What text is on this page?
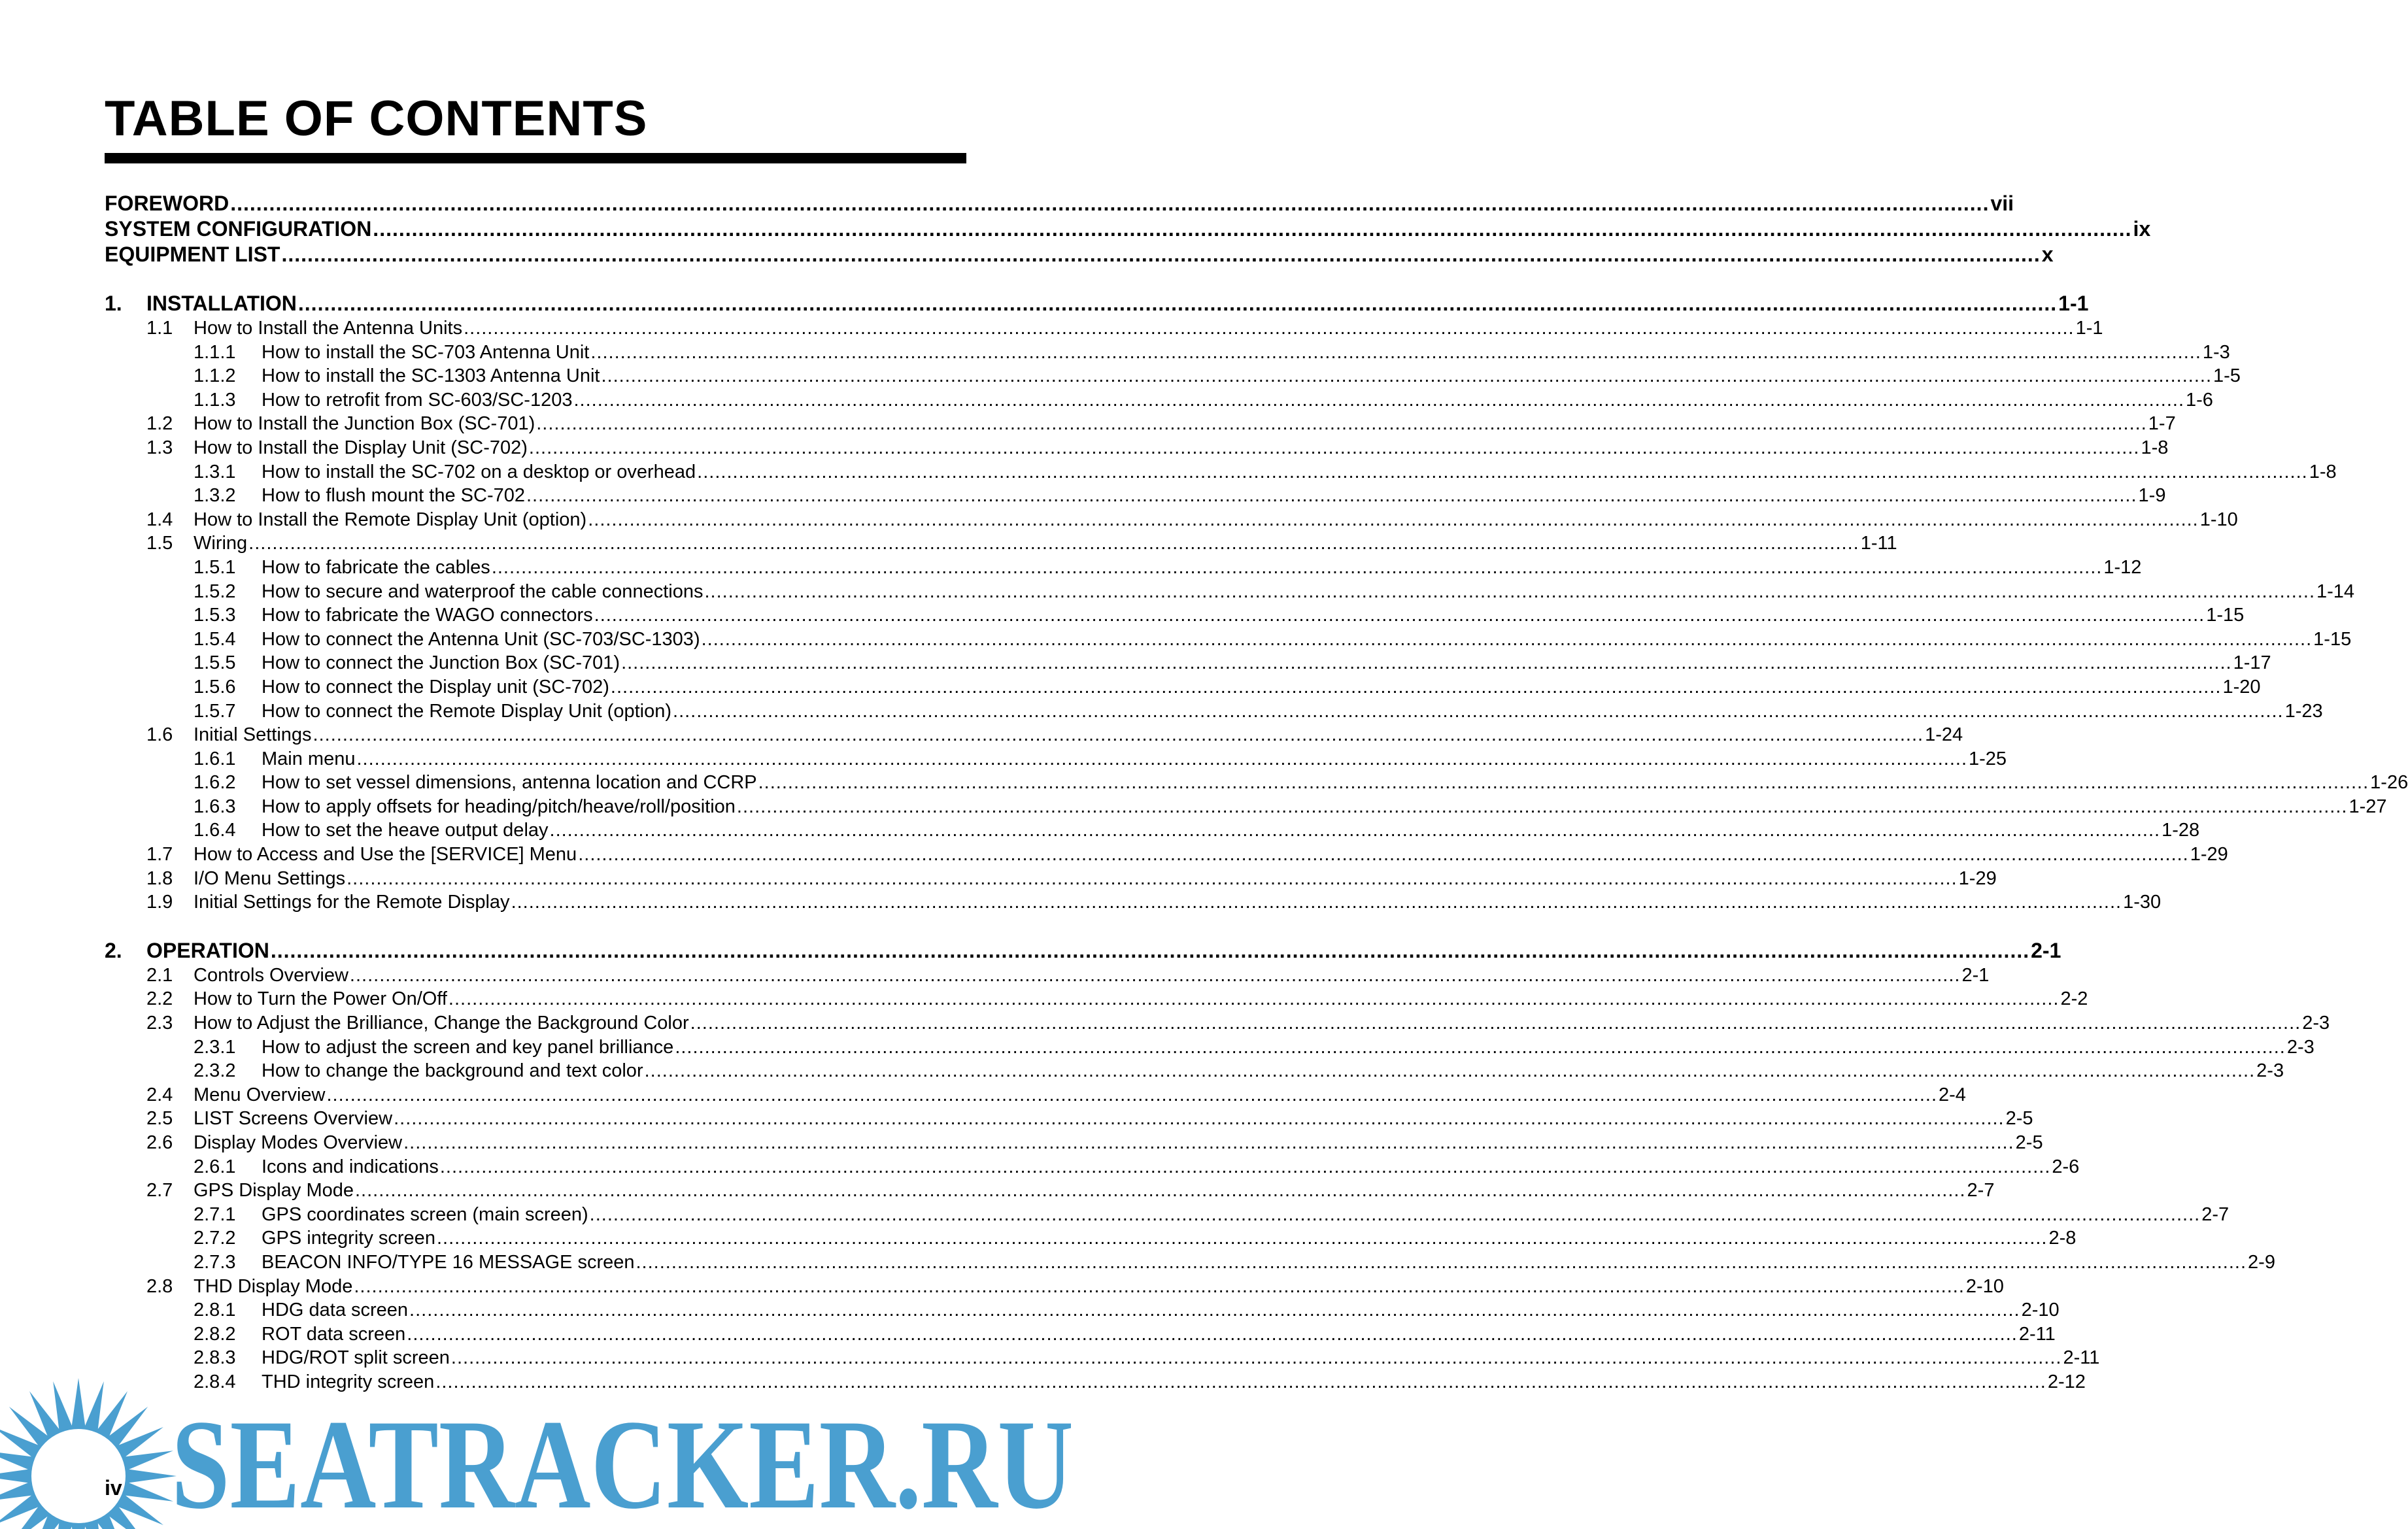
TABLE OF CONTENTS
FOREWORD .....	vii
SYSTEM CONFIGURATION .....	ix
EQUIPMENT LIST .....	x
1.	INSTALLATION .....	1-1
1.1	How to Install the Antenna Units .....	1-1
1.1.1	How to install the SC-703 Antenna Unit .....	1-3
1.1.2	How to install the SC-1303 Antenna Unit .....	1-5
1.1.3	How to retrofit from SC-603/SC-1203 .....	1-6
1.2	How to Install the Junction Box (SC-701) .....	1-7
1.3	How to Install the Display Unit (SC-702) .....	1-8
1.3.1	How to install the SC-702 on a desktop or overhead .....	1-8
1.3.2	How to flush mount the SC-702 .....	1-9
1.4	How to Install the Remote Display Unit (option) .....	1-10
1.5	Wiring .....	1-11
1.5.1	How to fabricate the cables .....	1-12
1.5.2	How to secure and waterproof the cable connections .....	1-14
1.5.3	How to fabricate the WAGO connectors .....	1-15
1.5.4	How to connect the Antenna Unit (SC-703/SC-1303) .....	1-15
1.5.5	How to connect the Junction Box (SC-701) .....	1-17
1.5.6	How to connect the Display unit (SC-702) .....	1-20
1.5.7	How to connect the Remote Display Unit (option) .....	1-23
1.6	Initial Settings .....	1-24
1.6.1	Main menu .....	1-25
1.6.2	How to set vessel dimensions, antenna location and CCRP .....	1-26
1.6.3	How to apply offsets for heading/pitch/heave/roll/position .....	1-27
1.6.4	How to set the heave output delay .....	1-28
1.7	How to Access and Use the [SERVICE] Menu .....	1-29
1.8	I/O Menu Settings .....	1-29
1.9	Initial Settings for the Remote Display .....	1-30
2.	OPERATION .....	2-1
2.1	Controls Overview .....	2-1
2.2	How to Turn the Power On/Off .....	2-2
2.3	How to Adjust the Brilliance, Change the Background Color .....	2-3
2.3.1	How to adjust the screen and key panel brilliance .....	2-3
2.3.2	How to change the background and text color .....	2-3
2.4	Menu Overview .....	2-4
2.5	LIST Screens Overview .....	2-5
2.6	Display Modes Overview .....	2-5
2.6.1	Icons and indications .....	2-6
2.7	GPS Display Mode .....	2-7
2.7.1	GPS coordinates screen (main screen) .....	2-7
2.7.2	GPS integrity screen .....	2-8
2.7.3	BEACON INFO/TYPE 16 MESSAGE screen .....	2-9
2.8	THD Display Mode .....	2-10
2.8.1	HDG data screen .....	2-10
2.8.2	ROT data screen .....	2-11
2.8.3	HDG/ROT split screen .....	2-11
2.8.4	THD integrity screen .....	2-12
SEATRACKER.RU
iv
